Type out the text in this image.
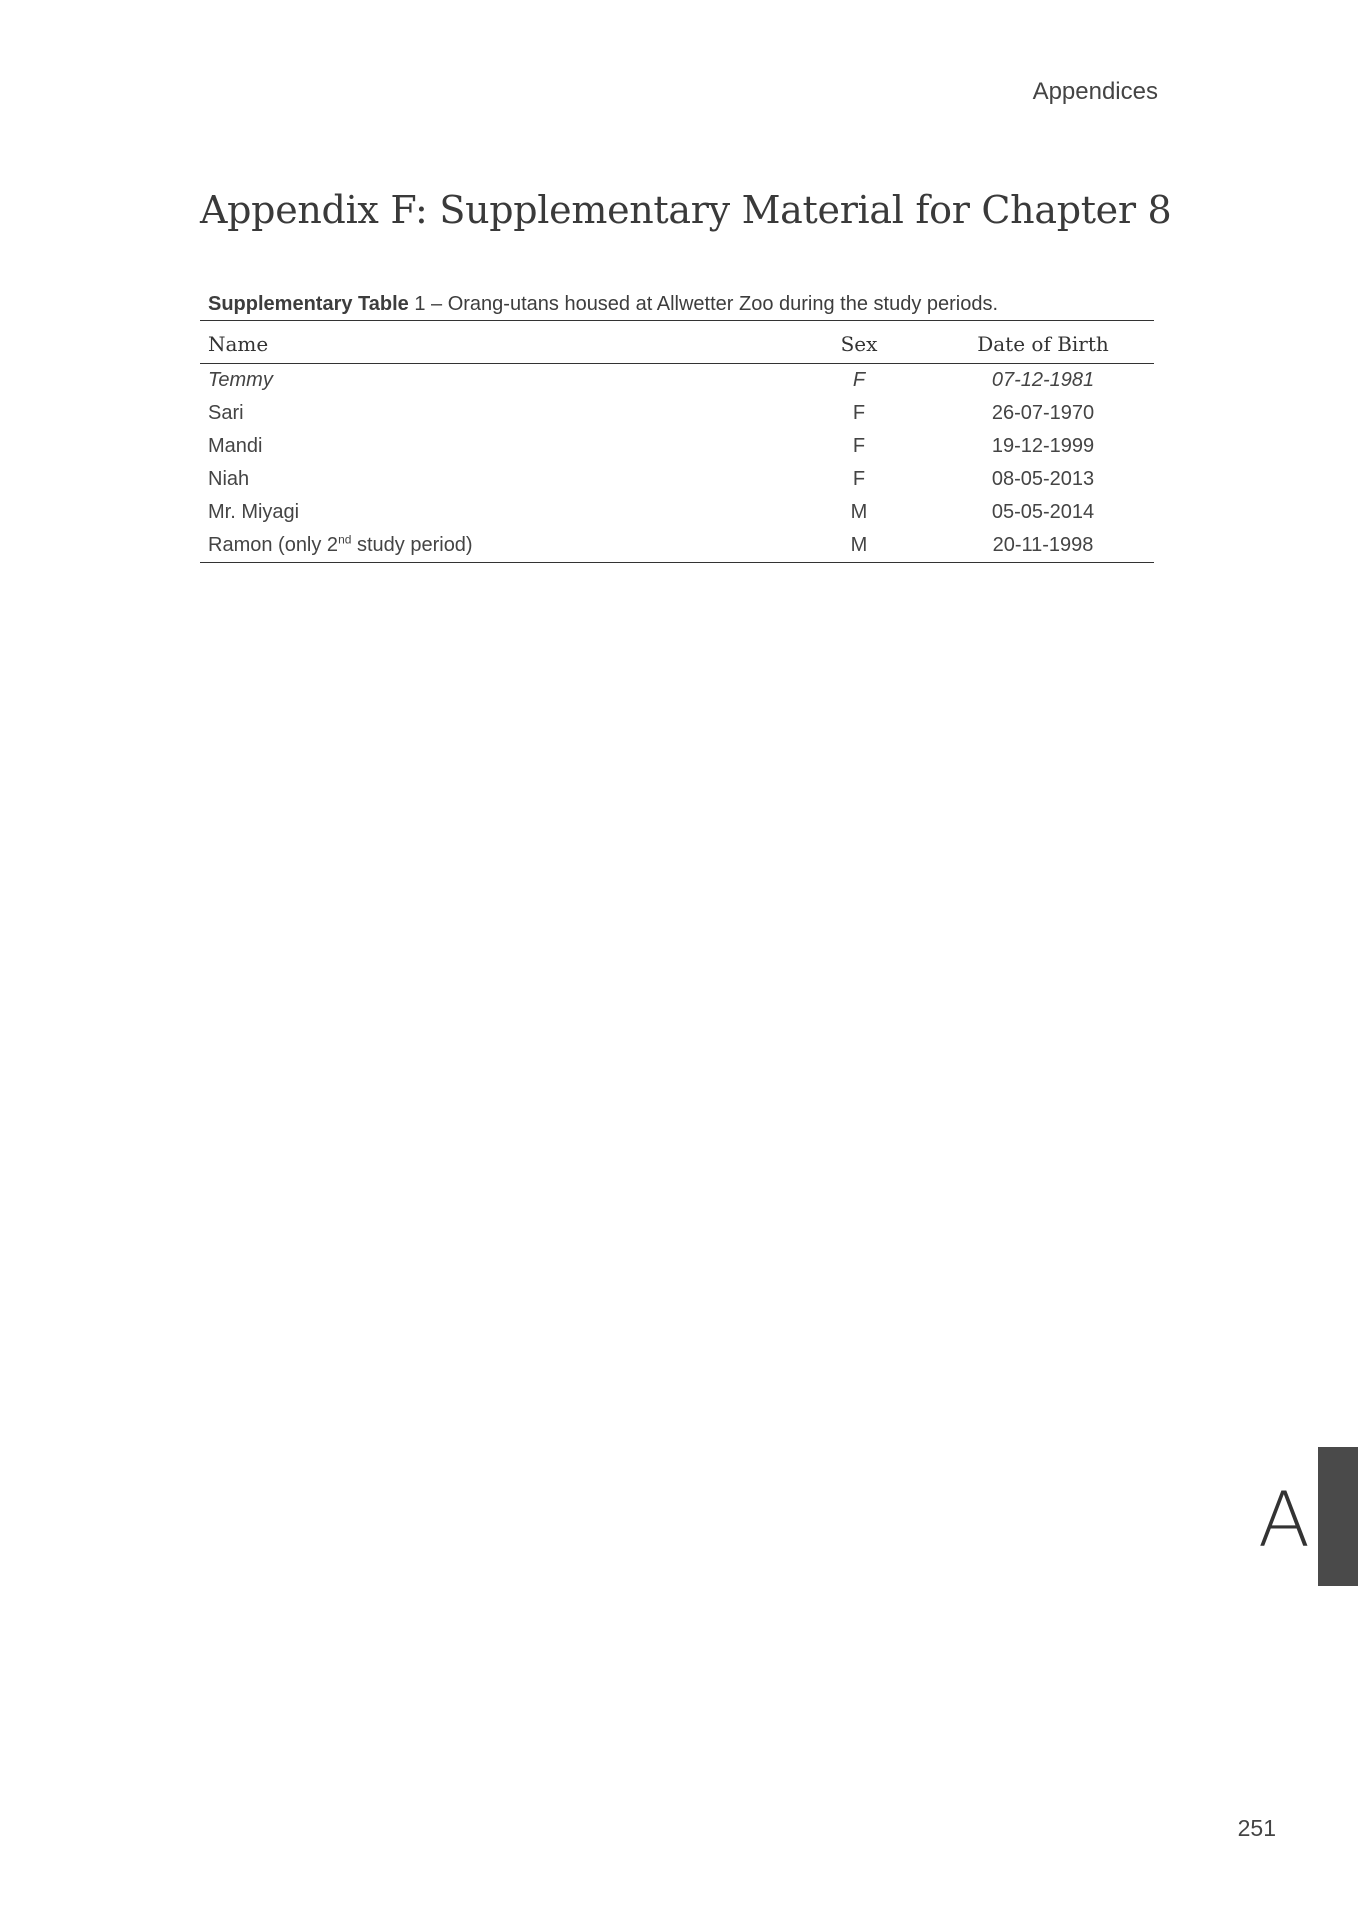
Appendices
Appendix F: Supplementary Material for Chapter 8
Supplementary Table 1 – Orang-utans housed at Allwetter Zoo during the study periods.
Name	Sex	Date of Birth
Temmy	F	07-12-1981
Sari	F	26-07-1970
Mandi	F	19-12-1999
Niah	F	08-05-2013
Mr. Miyagi	M	05-05-2014
Ramon (only 2nd study period)	M	20-11-1998
A
251
